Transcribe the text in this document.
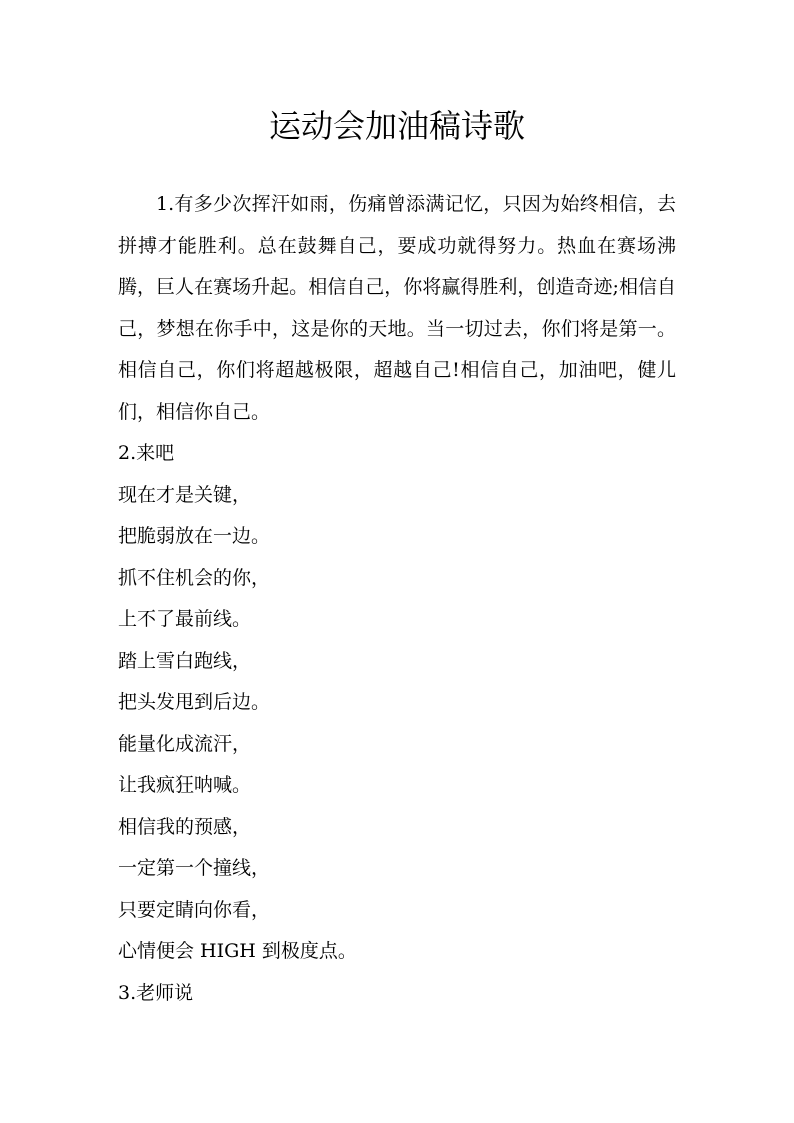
运动会加油稿诗歌

1.有多少次挥汗如雨，伤痛曾添满记忆，只因为始终相信，去拼搏才能胜利。总在鼓舞自己，要成功就得努力。热血在赛场沸腾，巨人在赛场升起。相信自己，你将赢得胜利，创造奇迹;相信自己，梦想在你手中，这是你的天地。当一切过去，你们将是第一。相信自己，你们将超越极限，超越自己!相信自己，加油吧，健儿们，相信你自己。

2.来吧

现在才是关键，

把脆弱放在一边。

抓不住机会的你，

上不了最前线。

踏上雪白跑线，

把头发甩到后边。

能量化成流汗，

让我疯狂呐喊。

相信我的预感，

一定第一个撞线，

只要定睛向你看，

心情便会 HIGH 到极度点。

3.老师说
